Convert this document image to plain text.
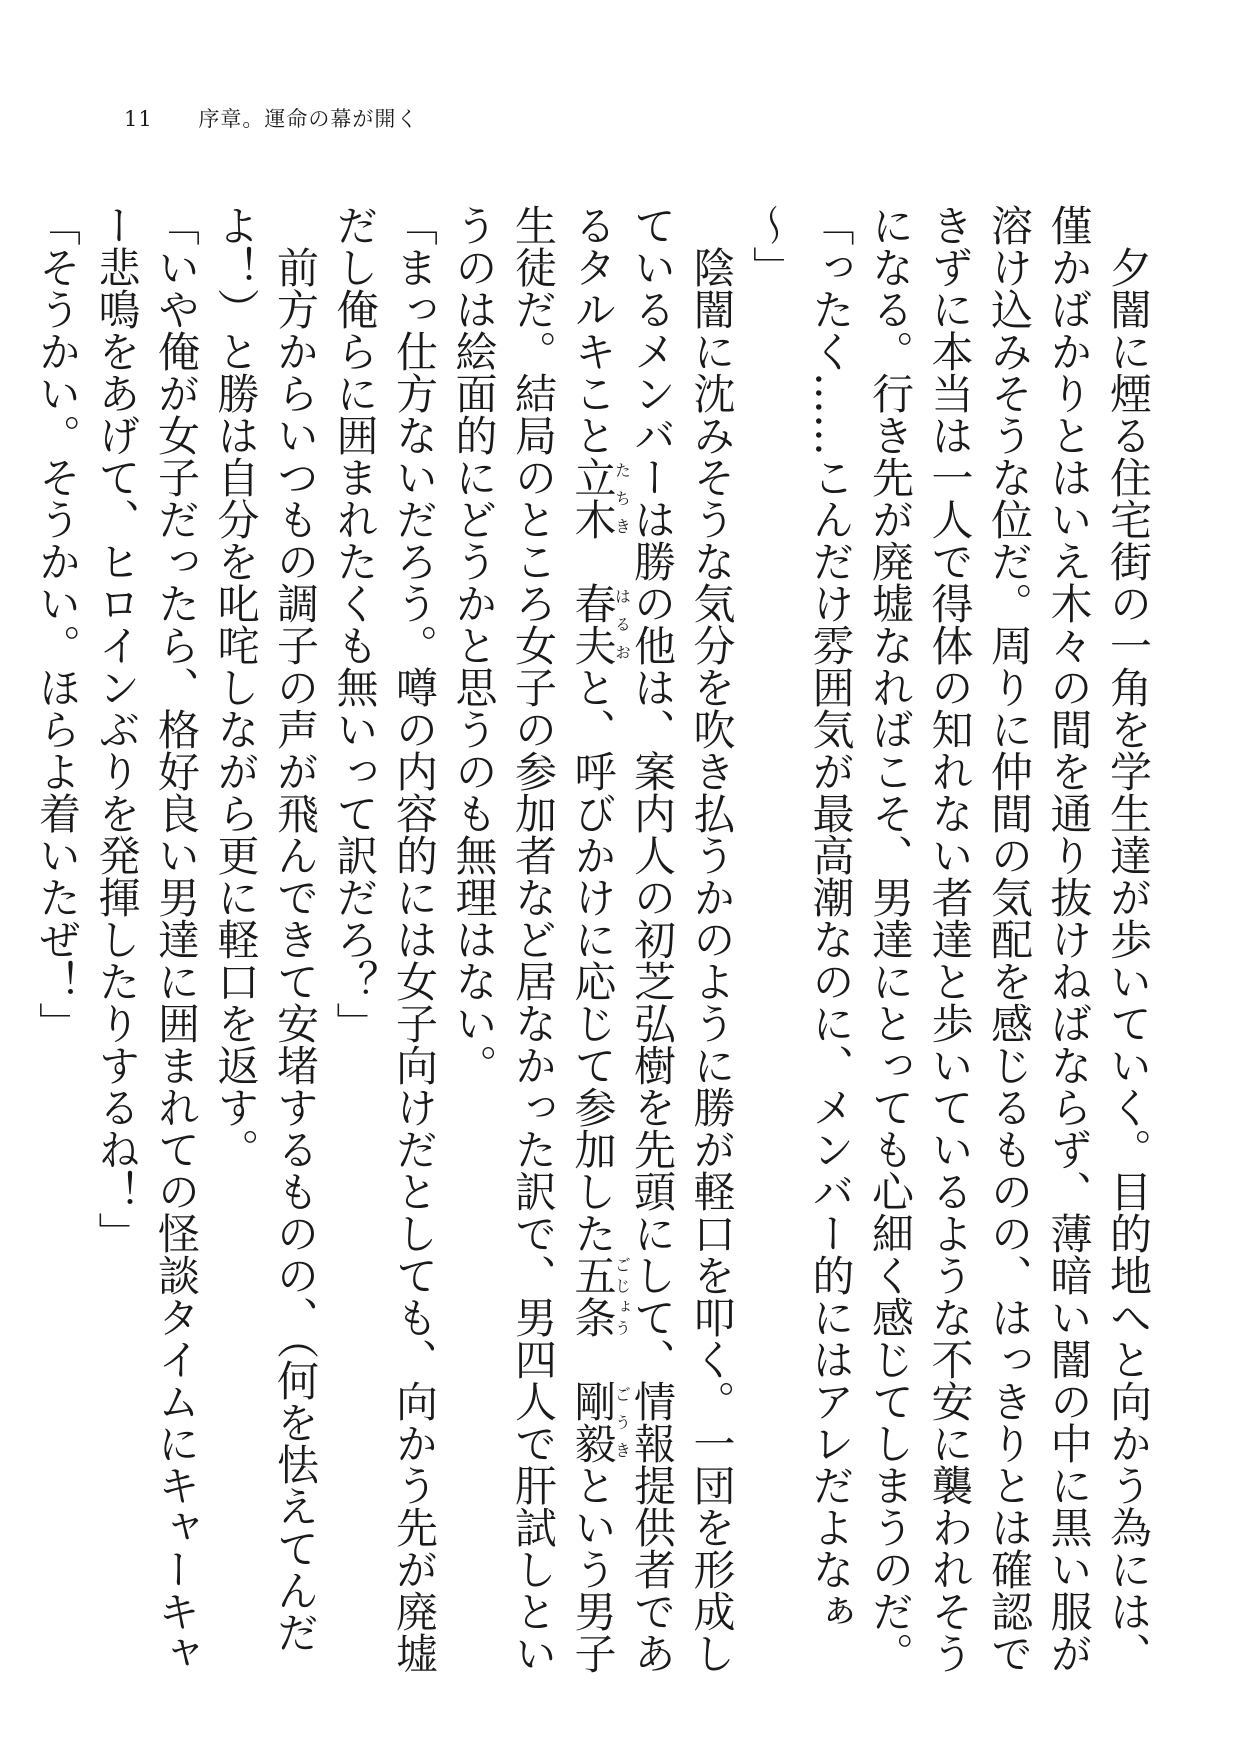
11 序章。運命の幕が開く

夕闇に煙る住宅街の一角を学生達が歩いていく。目的地へと向かう為には、僅かばかりとはいえ木々の間を通り抜けねばならず、薄暗い闇の中に黒い服が溶け込みそうな位だ。周りに仲間の気配を感じるものの、はっきりとは確認できずに本当は一人で得体の知れない者達と歩いているような不安に襲われそうになる。行き先が廃墟なればこそ、男達にとっても心細く感じてしまうのだ。

「ったく……こんだけ雰囲気が最高潮なのに、メンバー的にはアレだよなぁ～」

陰闇に沈みそうな気分を吹き払うかのように勝が軽口を叩く。一団を形成しているメンバーは勝の他は、案内人の初芝弘樹を先頭にして、情報提供者であるタルキこと立木たちき　春夫はるおと、呼びかけに応じて参加した五条ごじょう　剛毅ごうきという男子生徒だ。結局のところ女子の参加者など居なかった訳で、男四人で肝試しというのは絵面的にどうかと思うのも無理はない。

「まっ仕方ないだろう。噂の内容的には女子向けだとしても、向かう先が廃墟だし俺らに囲まれたくも無いって訳だろ？」

前方からいつもの調子の声が飛んできて安堵するものの、（何を怯えてんだよ！）と勝は自分を叱咤しながら更に軽口を返す。

「いや俺が女子だったら、格好良い男達に囲まれての怪談タイムにキャーキャー悲鳴をあげて、ヒロインぶりを発揮したりするね！」

「そうかい。そうかい。ほらよ着いたぜ！」
